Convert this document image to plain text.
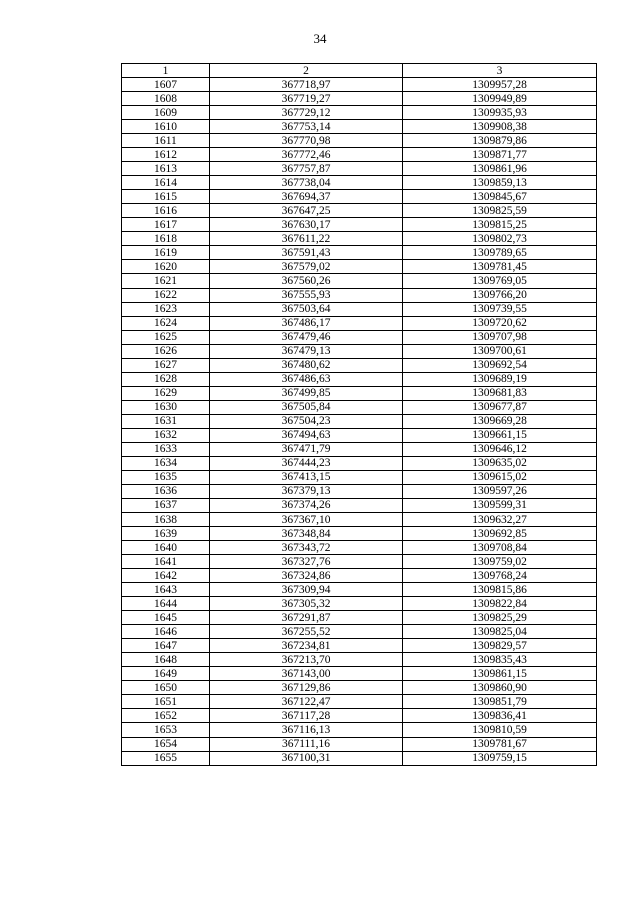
34
1	2	3
1607	367718,97	1309957,28
1608	367719,27	1309949,89
1609	367729,12	1309935,93
1610	367753,14	1309908,38
1611	367770,98	1309879,86
1612	367772,46	1309871,77
1613	367757,87	1309861,96
1614	367738,04	1309859,13
1615	367694,37	1309845,67
1616	367647,25	1309825,59
1617	367630,17	1309815,25
1618	367611,22	1309802,73
1619	367591,43	1309789,65
1620	367579,02	1309781,45
1621	367560,26	1309769,05
1622	367555,93	1309766,20
1623	367503,64	1309739,55
1624	367486,17	1309720,62
1625	367479,46	1309707,98
1626	367479,13	1309700,61
1627	367480,62	1309692,54
1628	367486,63	1309689,19
1629	367499,85	1309681,83
1630	367505,84	1309677,87
1631	367504,23	1309669,28
1632	367494,63	1309661,15
1633	367471,79	1309646,12
1634	367444,23	1309635,02
1635	367413,15	1309615,02
1636	367379,13	1309597,26
1637	367374,26	1309599,31
1638	367367,10	1309632,27
1639	367348,84	1309692,85
1640	367343,72	1309708,84
1641	367327,76	1309759,02
1642	367324,86	1309768,24
1643	367309,94	1309815,86
1644	367305,32	1309822,84
1645	367291,87	1309825,29
1646	367255,52	1309825,04
1647	367234,81	1309829,57
1648	367213,70	1309835,43
1649	367143,00	1309861,15
1650	367129,86	1309860,90
1651	367122,47	1309851,79
1652	367117,28	1309836,41
1653	367116,13	1309810,59
1654	367111,16	1309781,67
1655	367100,31	1309759,15
